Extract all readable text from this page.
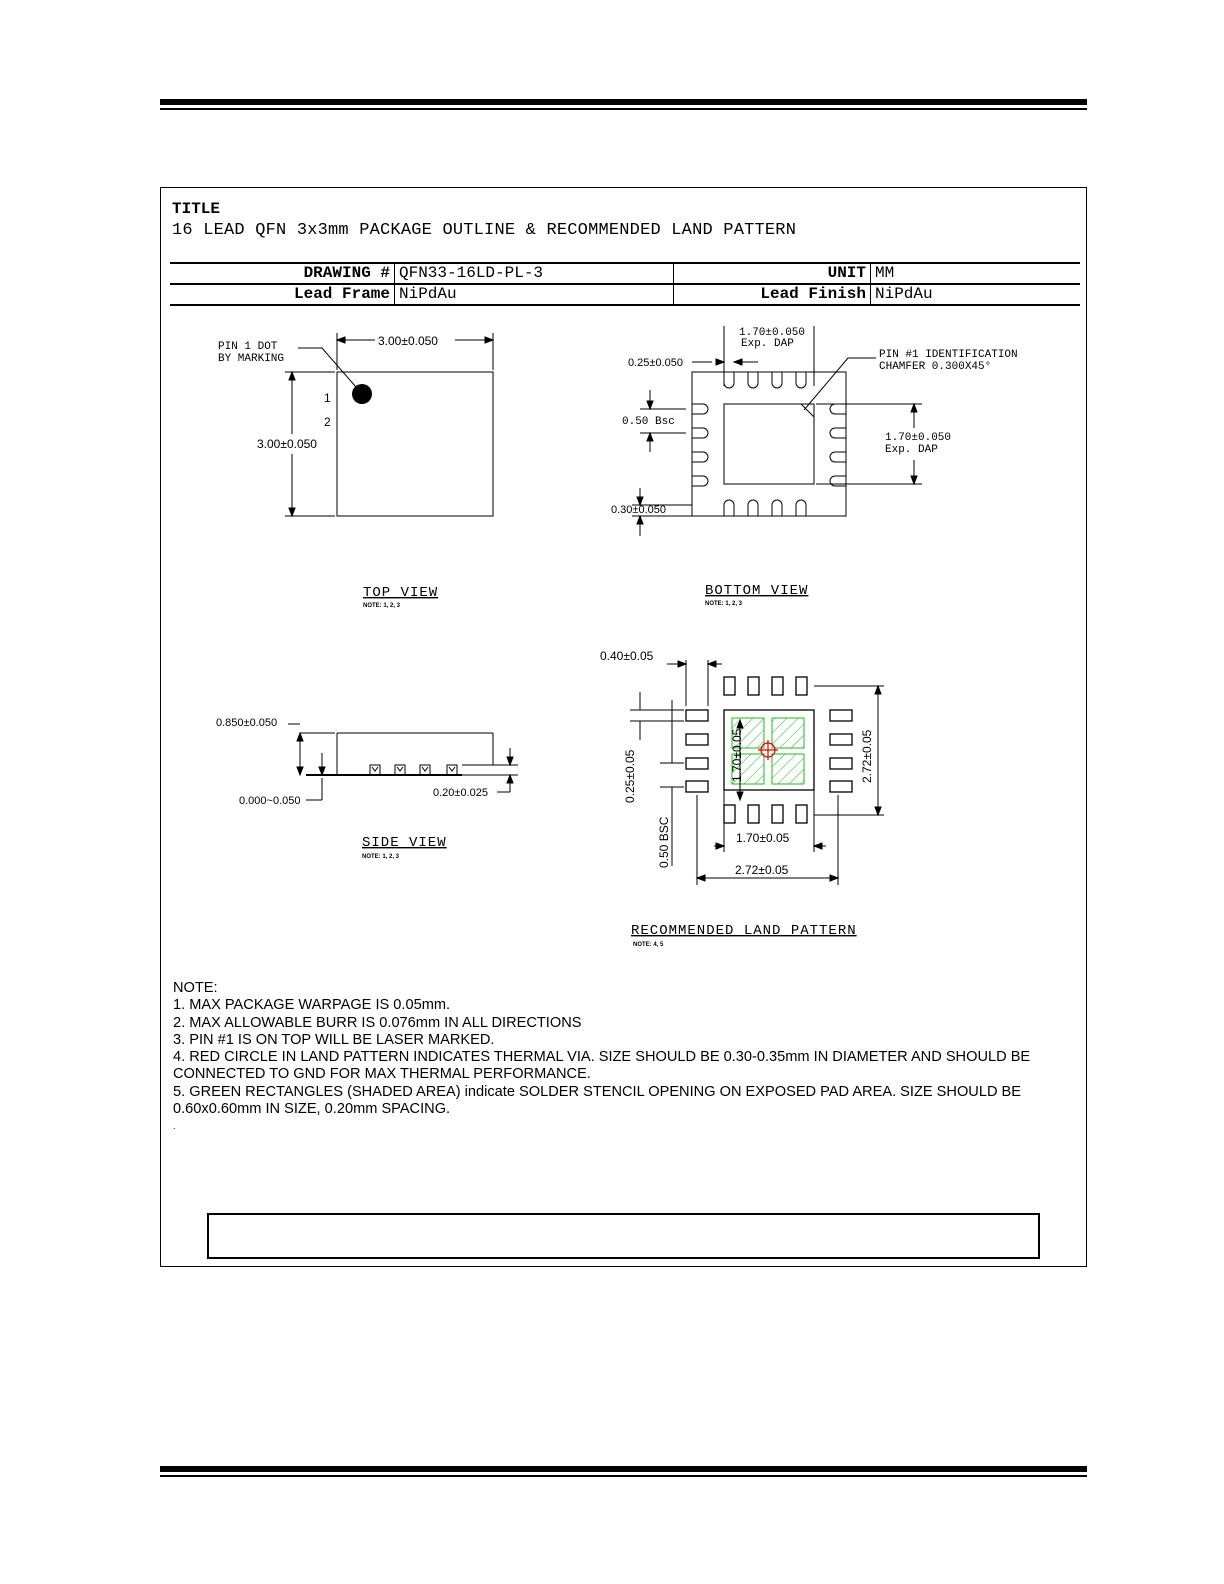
TITLE
16 LEAD QFN 3x3mm PACKAGE OUTLINE & RECOMMENDED LAND PATTERN
DRAWING #	QFN33-16LD-PL-3	UNIT	MM
Lead Frame	NiPdAu	Lead Finish	NiPdAu
PIN 1 DOT
BY MARKING
3.00±0.050
3.00±0.050
1
2
TOP VIEW
NOTE: 1, 2, 3
1.70±0.050
Exp. DAP
0.25±0.050
0.50 Bsc
0.30±0.050
PIN #1 IDENTIFICATION
CHAMFER 0.300X45°
1.70±0.050
Exp. DAP
BOTTOM VIEW
NOTE: 1, 2, 3
0.850±0.050
0.000~0.050
0.20±0.025
SIDE VIEW
NOTE: 1, 2, 3
0.40±0.05
0.25±0.05
0.50 BSC
1.70±0.05	2.72±0.05
1.70±0.05
2.72±0.05
RECOMMENDED LAND PATTERN
NOTE: 4, 5
NOTE:
1. MAX PACKAGE WARPAGE IS 0.05mm.
2. MAX ALLOWABLE BURR IS 0.076mm IN ALL DIRECTIONS
3. PIN #1 IS ON TOP WILL BE LASER MARKED.
4. RED CIRCLE IN LAND PATTERN INDICATES THERMAL VIA. SIZE SHOULD BE 0.30-0.35mm IN DIAMETER AND SHOULD BE CONNECTED TO GND FOR MAX THERMAL PERFORMANCE.
5. GREEN RECTANGLES (SHADED AREA) indicate SOLDER STENCIL OPENING ON EXPOSED PAD AREA. SIZE SHOULD BE 0.60x0.60mm IN SIZE, 0.20mm SPACING.
.
